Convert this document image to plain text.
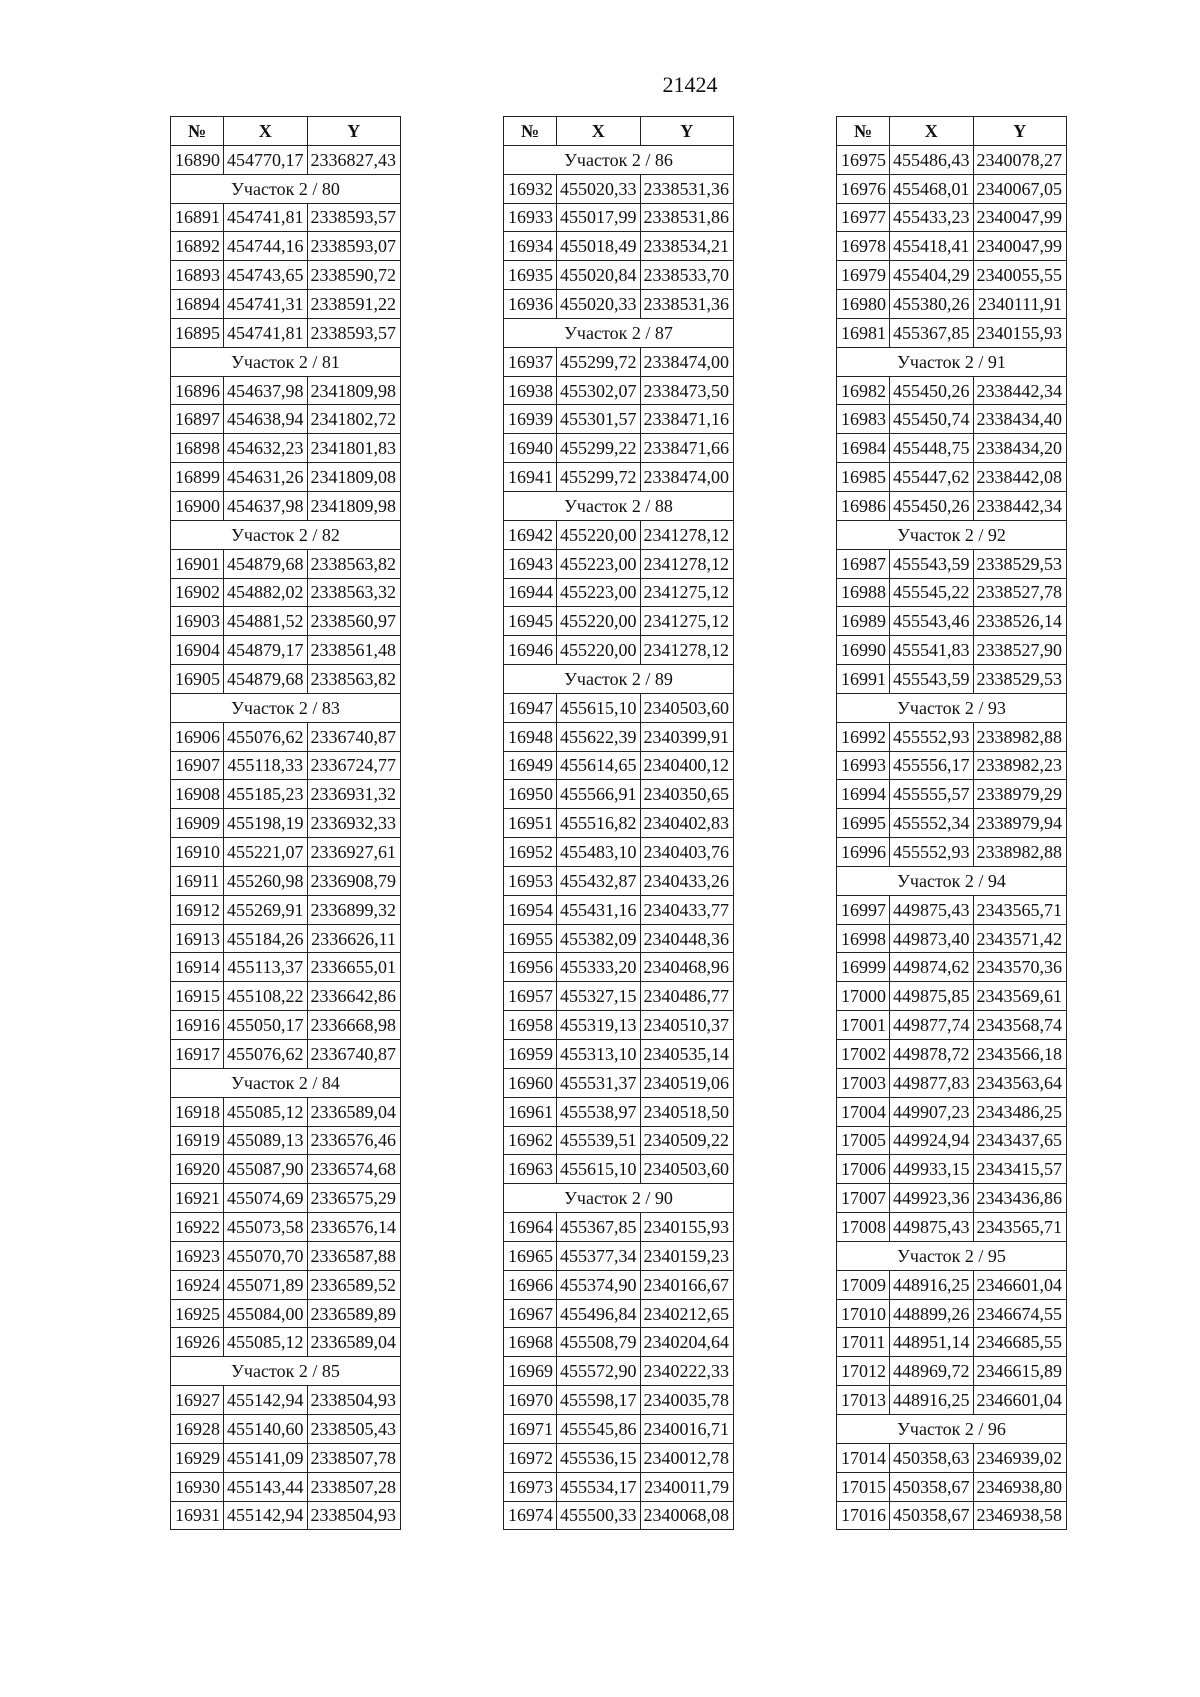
21424
№	X	Y
16890	454770,17	2336827,43
Участок 2 / 80		
16891	454741,81	2338593,57
16892	454744,16	2338593,07
16893	454743,65	2338590,72
16894	454741,31	2338591,22
16895	454741,81	2338593,57
Участок 2 / 81		
16896	454637,98	2341809,98
16897	454638,94	2341802,72
16898	454632,23	2341801,83
16899	454631,26	2341809,08
16900	454637,98	2341809,98
Участок 2 / 82		
16901	454879,68	2338563,82
16902	454882,02	2338563,32
16903	454881,52	2338560,97
16904	454879,17	2338561,48
16905	454879,68	2338563,82
Участок 2 / 83		
16906	455076,62	2336740,87
16907	455118,33	2336724,77
16908	455185,23	2336931,32
16909	455198,19	2336932,33
16910	455221,07	2336927,61
16911	455260,98	2336908,79
16912	455269,91	2336899,32
16913	455184,26	2336626,11
16914	455113,37	2336655,01
16915	455108,22	2336642,86
16916	455050,17	2336668,98
16917	455076,62	2336740,87
Участок 2 / 84		
16918	455085,12	2336589,04
16919	455089,13	2336576,46
16920	455087,90	2336574,68
16921	455074,69	2336575,29
16922	455073,58	2336576,14
16923	455070,70	2336587,88
16924	455071,89	2336589,52
16925	455084,00	2336589,89
16926	455085,12	2336589,04
Участок 2 / 85		
16927	455142,94	2338504,93
16928	455140,60	2338505,43
16929	455141,09	2338507,78
16930	455143,44	2338507,28
16931	455142,94	2338504,93
№	X	Y
Участок 2 / 86		
16932	455020,33	2338531,36
16933	455017,99	2338531,86
16934	455018,49	2338534,21
16935	455020,84	2338533,70
16936	455020,33	2338531,36
Участок 2 / 87		
16937	455299,72	2338474,00
16938	455302,07	2338473,50
16939	455301,57	2338471,16
16940	455299,22	2338471,66
16941	455299,72	2338474,00
Участок 2 / 88		
16942	455220,00	2341278,12
16943	455223,00	2341278,12
16944	455223,00	2341275,12
16945	455220,00	2341275,12
16946	455220,00	2341278,12
Участок 2 / 89		
16947	455615,10	2340503,60
16948	455622,39	2340399,91
16949	455614,65	2340400,12
16950	455566,91	2340350,65
16951	455516,82	2340402,83
16952	455483,10	2340403,76
16953	455432,87	2340433,26
16954	455431,16	2340433,77
16955	455382,09	2340448,36
16956	455333,20	2340468,96
16957	455327,15	2340486,77
16958	455319,13	2340510,37
16959	455313,10	2340535,14
16960	455531,37	2340519,06
16961	455538,97	2340518,50
16962	455539,51	2340509,22
16963	455615,10	2340503,60
Участок 2 / 90		
16964	455367,85	2340155,93
16965	455377,34	2340159,23
16966	455374,90	2340166,67
16967	455496,84	2340212,65
16968	455508,79	2340204,64
16969	455572,90	2340222,33
16970	455598,17	2340035,78
16971	455545,86	2340016,71
16972	455536,15	2340012,78
16973	455534,17	2340011,79
16974	455500,33	2340068,08
№	X	Y
16975	455486,43	2340078,27
16976	455468,01	2340067,05
16977	455433,23	2340047,99
16978	455418,41	2340047,99
16979	455404,29	2340055,55
16980	455380,26	2340111,91
16981	455367,85	2340155,93
Участок 2 / 91		
16982	455450,26	2338442,34
16983	455450,74	2338434,40
16984	455448,75	2338434,20
16985	455447,62	2338442,08
16986	455450,26	2338442,34
Участок 2 / 92		
16987	455543,59	2338529,53
16988	455545,22	2338527,78
16989	455543,46	2338526,14
16990	455541,83	2338527,90
16991	455543,59	2338529,53
Участок 2 / 93		
16992	455552,93	2338982,88
16993	455556,17	2338982,23
16994	455555,57	2338979,29
16995	455552,34	2338979,94
16996	455552,93	2338982,88
Участок 2 / 94		
16997	449875,43	2343565,71
16998	449873,40	2343571,42
16999	449874,62	2343570,36
17000	449875,85	2343569,61
17001	449877,74	2343568,74
17002	449878,72	2343566,18
17003	449877,83	2343563,64
17004	449907,23	2343486,25
17005	449924,94	2343437,65
17006	449933,15	2343415,57
17007	449923,36	2343436,86
17008	449875,43	2343565,71
Участок 2 / 95		
17009	448916,25	2346601,04
17010	448899,26	2346674,55
17011	448951,14	2346685,55
17012	448969,72	2346615,89
17013	448916,25	2346601,04
Участок 2 / 96		
17014	450358,63	2346939,02
17015	450358,67	2346938,80
17016	450358,67	2346938,58
